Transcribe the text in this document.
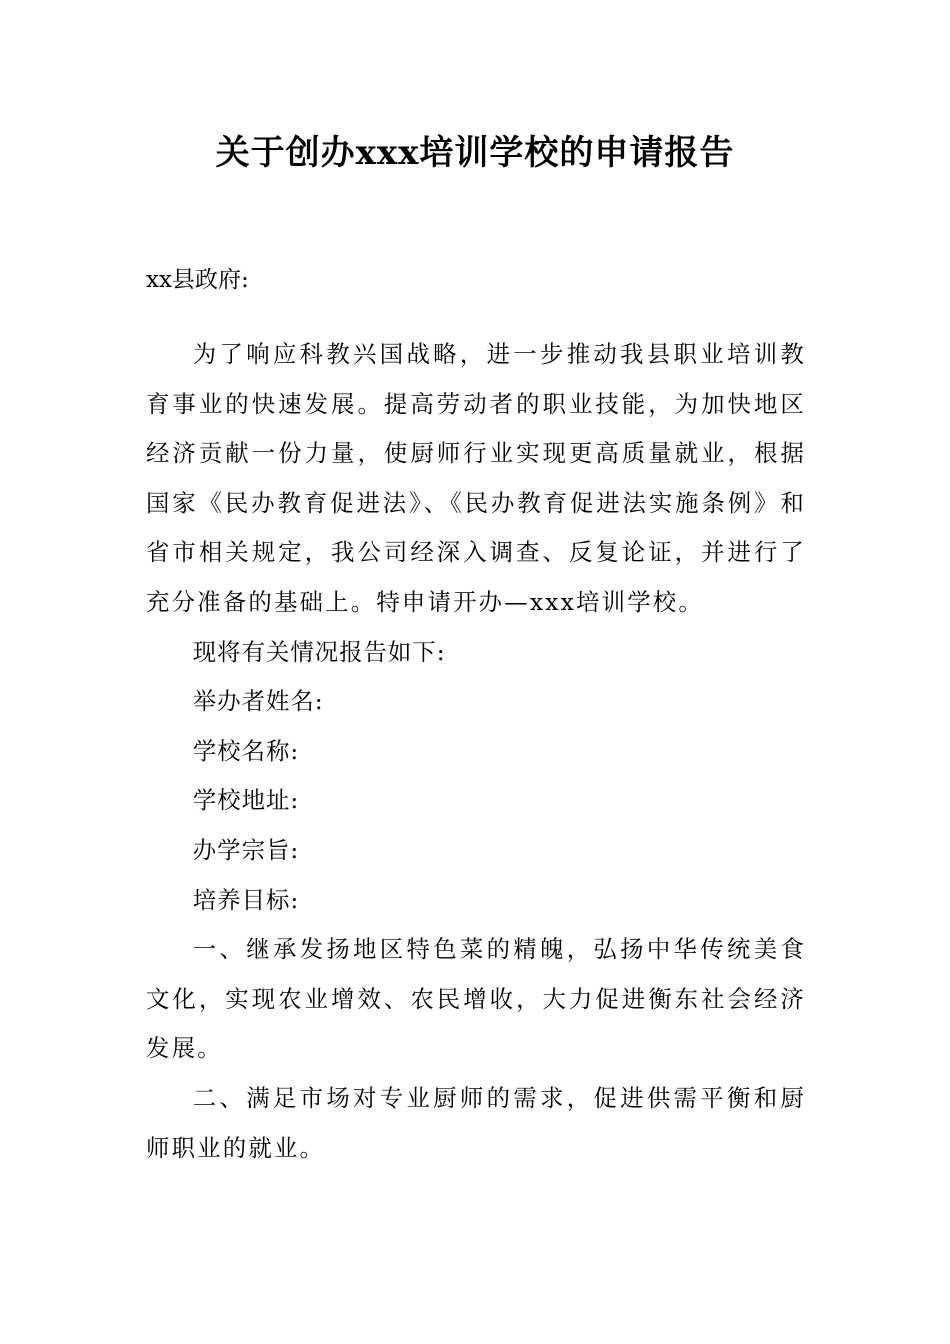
关于创办xxx培训学校的申请报告
xx县政府:

为了响应科教兴国战略，进一步推动我县职业培训教育事业的快速发展。提高劳动者的职业技能，为加快地区经济贡献一份力量，使厨师行业实现更高质量就业，根据国家《民办教育促进法》、《民办教育促进法实施条例》和省市相关规定，我公司经深入调查、反复论证，并进行了充分准备的基础上。特申请开办—xxx培训学校。

现将有关情况报告如下:

举办者姓名:

学校名称:

学校地址:

办学宗旨:

培养目标:

一、继承发扬地区特色菜的精魄，弘扬中华传统美食文化，实现农业增效、农民增收，大力促进衡东社会经济发展。

二、满足市场对专业厨师的需求，促进供需平衡和厨师职业的就业。
